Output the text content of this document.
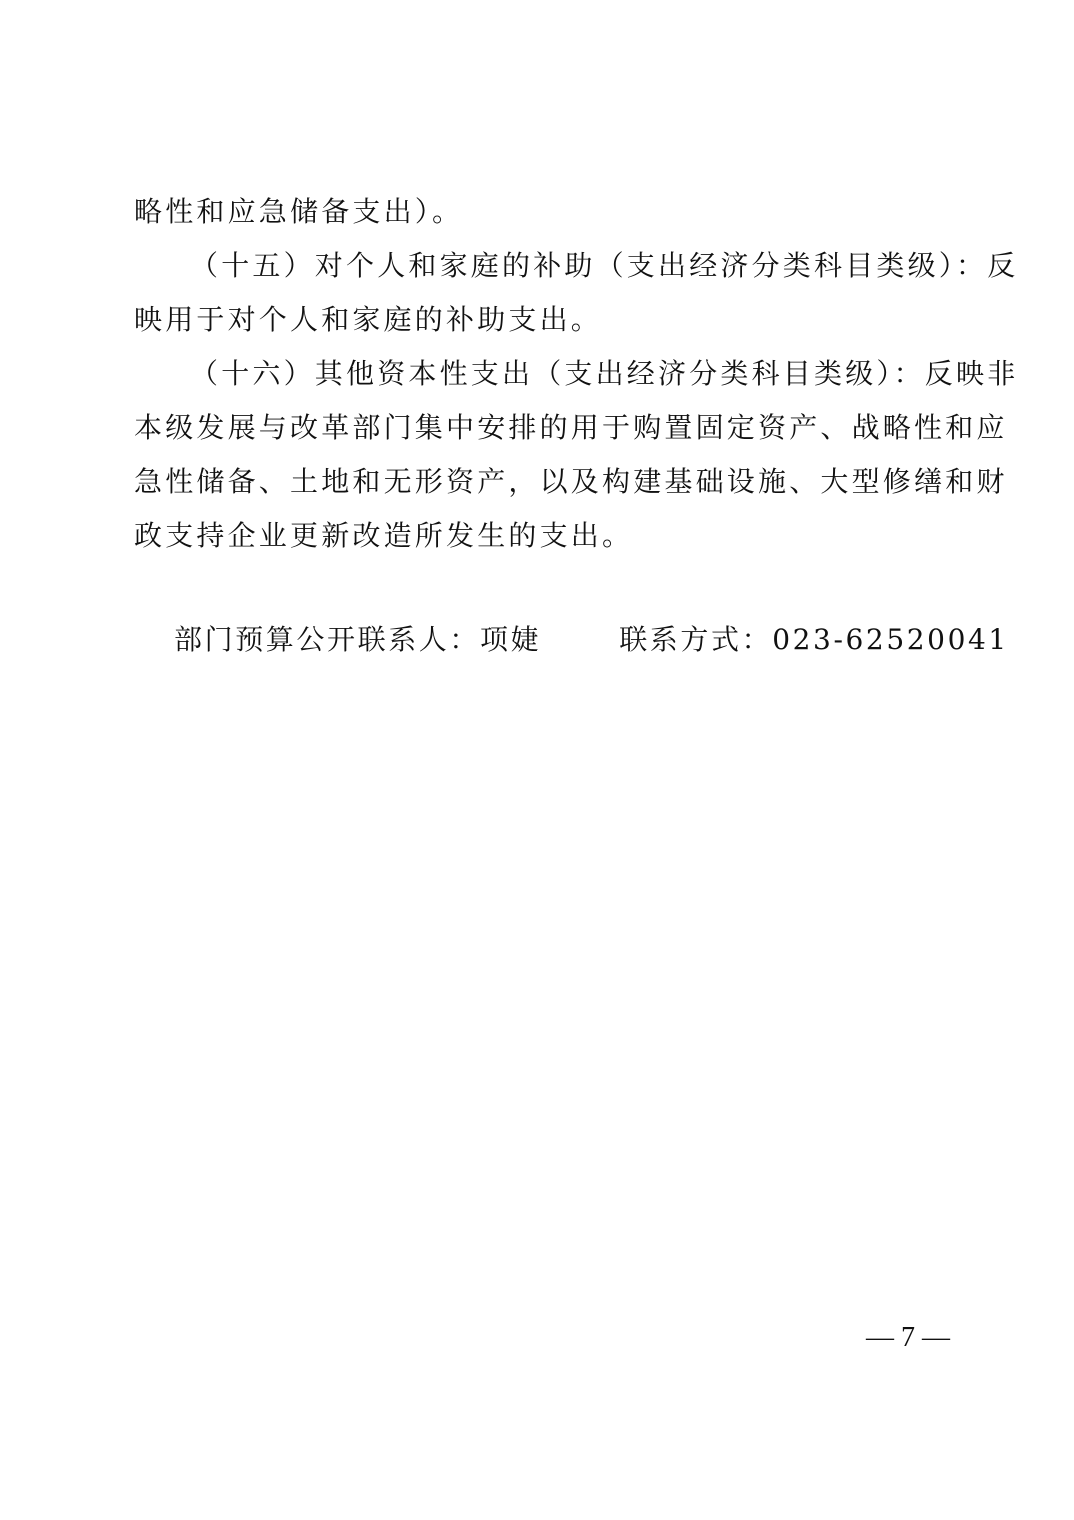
略性和应急储备支出）。
（十五）对个人和家庭的补助（支出经济分类科目类级）：反
映用于对个人和家庭的补助支出。
（十六）其他资本性支出（支出经济分类科目类级）：反映非
本级发展与改革部门集中安排的用于购置固定资产、战略性和应
急性储备、土地和无形资产，以及构建基础设施、大型修缮和财
政支持企业更新改造所发生的支出。
部门预算公开联系人：项婕	联系方式：023-62520041
— 7 —
